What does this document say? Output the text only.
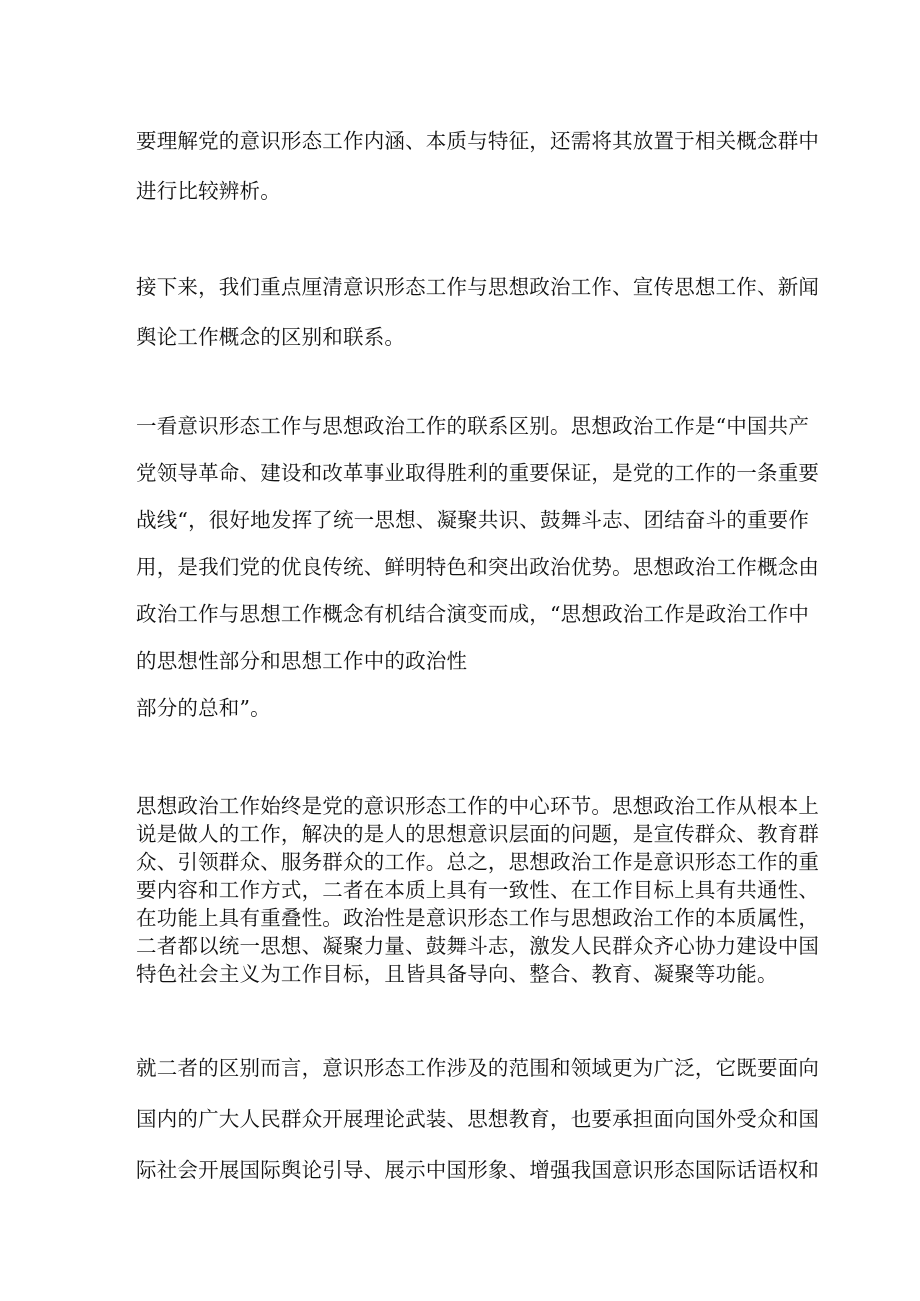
要理解党的意识形态工作内涵、本质与特征，还需将其放置于相关概念群中
进行比较辨析。

接下来，我们重点厘清意识形态工作与思想政治工作、宣传思想工作、新闻
舆论工作概念的区别和联系。

一看意识形态工作与思想政治工作的联系区别。思想政治工作是“中国共产
党领导革命、建设和改革事业取得胜利的重要保证，是党的工作的一条重要
战线“，很好地发挥了统一思想、凝聚共识、鼓舞斗志、团结奋斗的重要作
用，是我们党的优良传统、鲜明特色和突出政治优势。思想政治工作概念由
政治工作与思想工作概念有机结合演变而成，“思想政治工作是政治工作中
的思想性部分和思想工作中的政治性
部分的总和”。

思想政治工作始终是党的意识形态工作的中心环节。思想政治工作从根本上
说是做人的工作，解决的是人的思想意识层面的问题，是宣传群众、教育群
众、引领群众、服务群众的工作。总之，思想政治工作是意识形态工作的重
要内容和工作方式，二者在本质上具有一致性、在工作目标上具有共通性、
在功能上具有重叠性。政治性是意识形态工作与思想政治工作的本质属性，
二者都以统一思想、凝聚力量、鼓舞斗志，激发人民群众齐心协力建设中国
特色社会主义为工作目标，且皆具备导向、整合、教育、凝聚等功能。

就二者的区别而言，意识形态工作涉及的范围和领域更为广泛，它既要面向
国内的广大人民群众开展理论武装、思想教育，也要承担面向国外受众和国
际社会开展国际舆论引导、展示中国形象、增强我国意识形态国际话语权和
